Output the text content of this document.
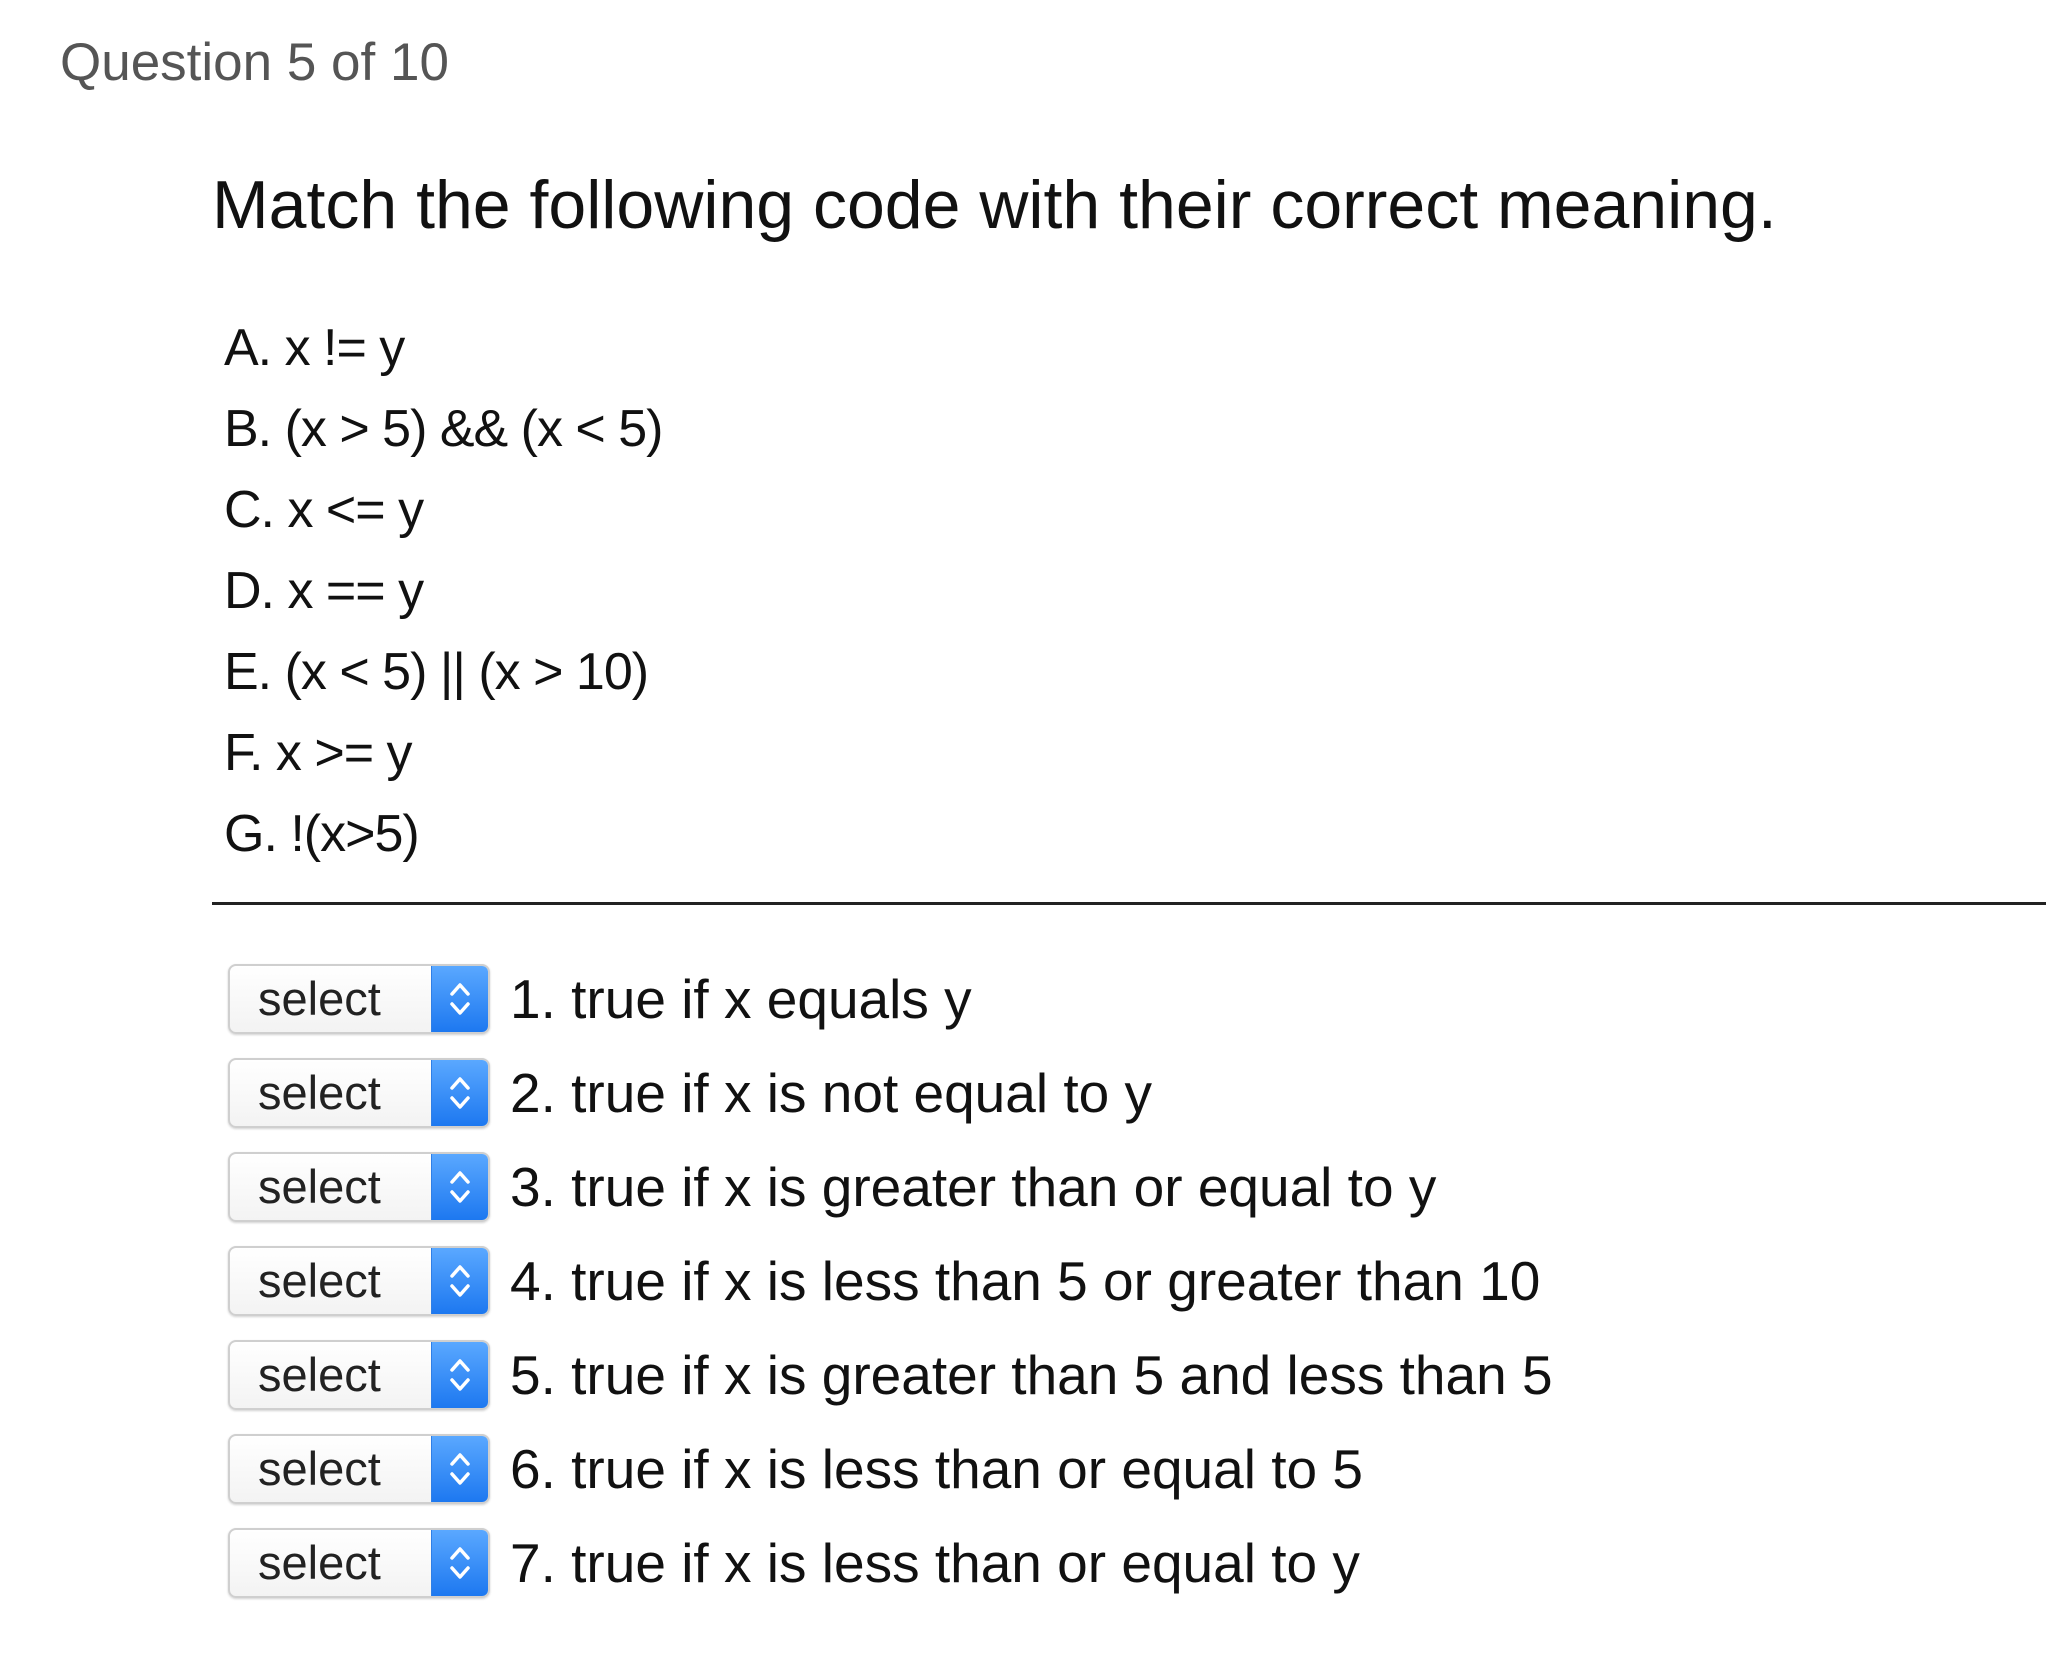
Question 5 of 10
Match the following code with their correct meaning.
A. x != y
B. (x > 5) && (x < 5)
C. x <= y
D. x == y
E. (x < 5) || (x > 10)
F. x >= y
G. !(x>5)
select	1. true if x equals y
select	2. true if x is not equal to y
select	3. true if x is greater than or equal to y
select	4. true if x is less than 5 or greater than 10
select	5. true if x is greater than 5 and less than 5
select	6. true if x is less than or equal to 5
select	7. true if x is less than or equal to y
